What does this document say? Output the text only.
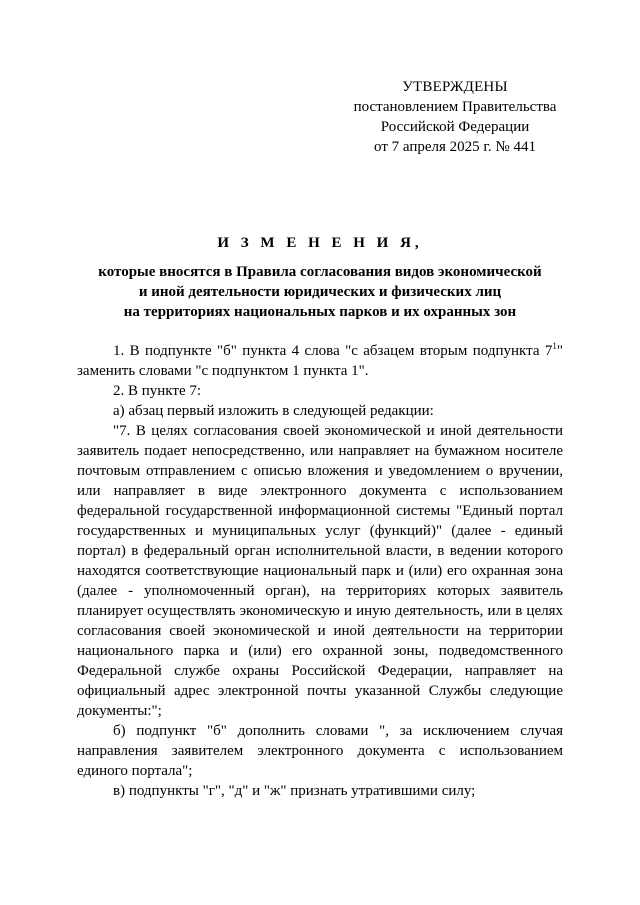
УТВЕРЖДЕНЫ
постановлением Правительства
Российской Федерации
от 7 апреля 2025 г. № 441
И З М Е Н Е Н И Я,
которые вносятся в Правила согласования видов экономической
и иной деятельности юридических и физических лиц
на территориях национальных парков и их охранных зон

1. В подпункте "б" пункта 4 слова "с абзацем вторым подпункта $7^1$" заменить словами "с подпунктом 1 пункта 1".

2. В пункте 7:

а) абзац первый изложить в следующей редакции:

"7. В целях согласования своей экономической и иной деятельности заявитель подает непосредственно, или направляет на бумажном носителе почтовым отправлением с описью вложения и уведомлением о вручении, или направляет в виде электронного документа с использованием федеральной государственной информационной системы "Единый портал государственных и муниципальных услуг (функций)" (далее - единый портал) в федеральный орган исполнительной власти, в ведении которого находятся соответствующие национальный парк и (или) его охранная зона (далее - уполномоченный орган), на территориях которых заявитель планирует осуществлять экономическую и иную деятельность, или в целях согласования своей экономической и иной деятельности на территории национального парка и (или) его охранной зоны, подведомственного Федеральной службе охраны Российской Федерации, направляет на официальный адрес электронной почты указанной Службы следующие документы:";

б) подпункт "б" дополнить словами ", за исключением случая направления заявителем электронного документа с использованием единого портала";

в) подпункты "г", "д" и "ж" признать утратившими силу;
